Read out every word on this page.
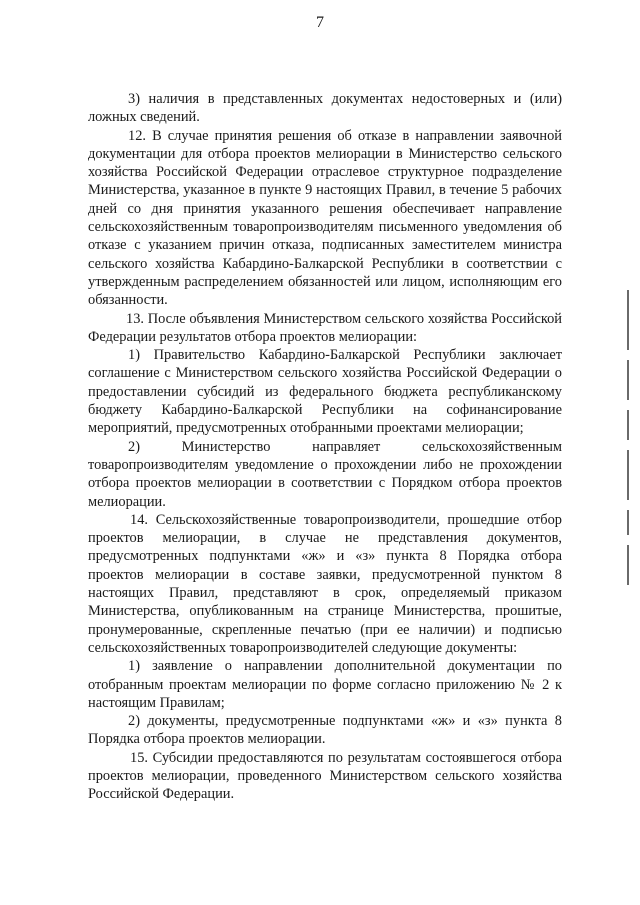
7

3) наличия в представленных документах недостоверных и (или) ложных сведений.

12. В случае принятия решения об отказе в направлении заявочной документации для отбора проектов мелиорации в Министерство сельского хозяйства Российской Федерации отраслевое структурное подразделение Министерства, указанное в пункте 9 настоящих Правил, в течение 5 рабочих дней со дня принятия указанного решения обеспечивает направление сельскохозяйственным товаропроизводителям письменного уведомления об отказе с указанием причин отказа, подписанных заместителем министра сельского хозяйства Кабардино-Балкарской Республики в соответствии с утвержденным распределением обязанностей или лицом, исполняющим его обязанности.

13. После объявления Министерством сельского хозяйства Российской Федерации результатов отбора проектов мелиорации:

1) Правительство Кабардино-Балкарской Республики заключает соглашение с Министерством сельского хозяйства Российской Федерации о предоставлении субсидий из федерального бюджета республиканскому бюджету Кабардино-Балкарской Республики на софинансирование мероприятий, предусмотренных отобранными проектами мелиорации;

2) Министерство направляет сельскохозяйственным товаропроизводителям уведомление о прохождении либо не прохождении отбора проектов мелиорации в соответствии с Порядком отбора проектов мелиорации.

14. Сельскохозяйственные товаропроизводители, прошедшие отбор проектов мелиорации, в случае не представления документов, предусмотренных подпунктами «ж» и «з» пункта 8 Порядка отбора проектов мелиорации в составе заявки, предусмотренной пунктом 8 настоящих Правил, представляют в срок, определяемый приказом Министерства, опубликованным на странице Министерства, прошитые, пронумерованные, скрепленные печатью (при ее наличии) и подписью сельскохозяйственных товаропроизводителей следующие документы:

1) заявление о направлении дополнительной документации по отобранным проектам мелиорации по форме согласно приложению № 2 к настоящим Правилам;

2) документы, предусмотренные подпунктами «ж» и «з» пункта 8 Порядка отбора проектов мелиорации.

15. Субсидии предоставляются по результатам состоявшегося отбора проектов мелиорации, проведенного Министерством сельского хозяйства Российской Федерации.
